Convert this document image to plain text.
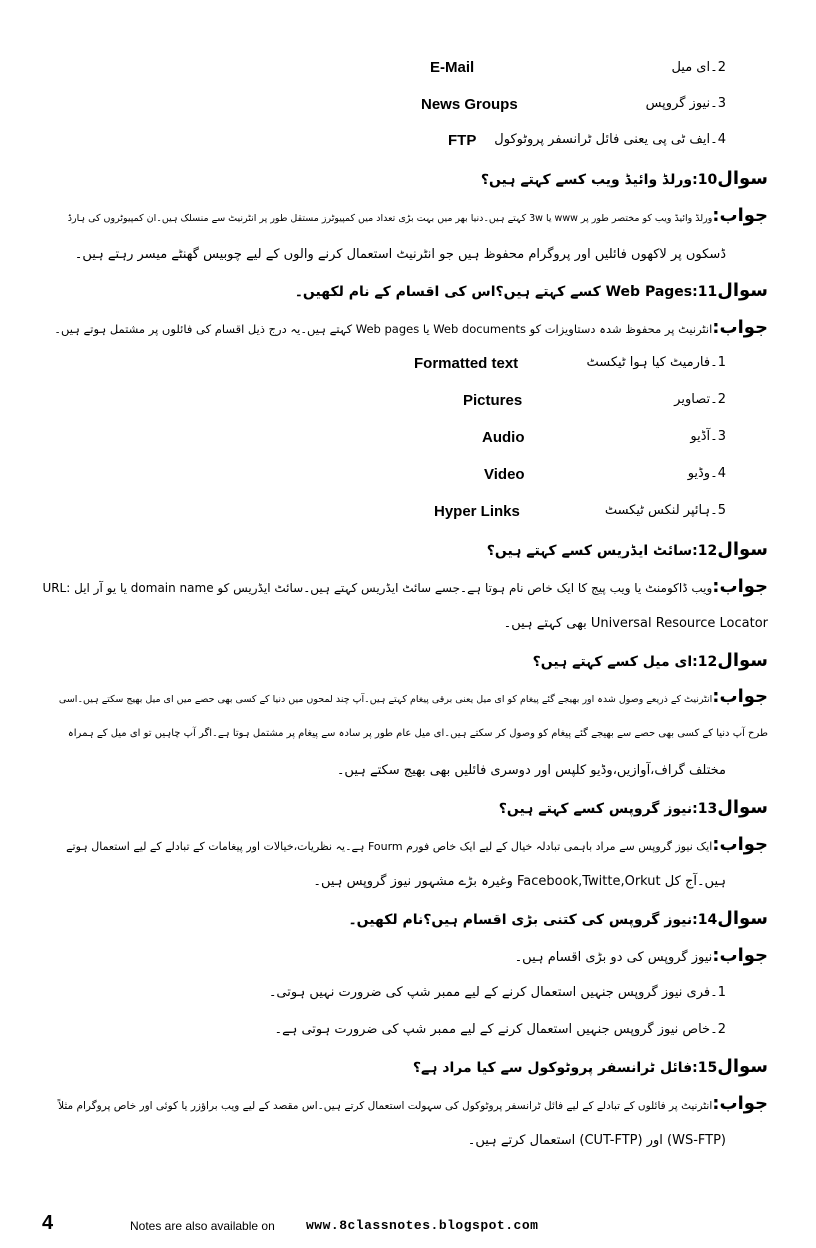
2۔ای میل
E-Mail
3۔نیوز گروپس
News Groups
4۔ایف ٹی پی یعنی فائل ٹرانسفر پروٹوکول
FTP
سوال10:ورلڈ وائیڈ ویب کسے کہتے ہیں؟
جواب:ورلڈ وائیڈ ویب کو مختصر طور پر www یا 3w کہتے ہیں۔دنیا بھر میں بہت بڑی تعداد میں کمپیوٹرز مستقل طور پر انٹرنیٹ سے منسلک ہیں۔ان کمپیوٹروں کی ہارڈ
ڈسکوں پر لاکھوں فائلیں اور پروگرام محفوظ ہیں جو انٹرنیٹ استعمال کرنے والوں کے لیے چوبیس گھنٹے میسر رہتے ہیں۔
سوال11:Web Pages کسے کہتے ہیں؟اس کی اقسام کے نام لکھیں۔
جواب:انٹرنیٹ پر محفوظ شدہ دستاویزات کو Web documents یا Web pages کہتے ہیں۔یہ درج ذیل اقسام کی فائلوں پر مشتمل ہوتے ہیں۔
1۔فارمیٹ کیا ہوا ٹیکسٹ
Formatted text
2۔تصاویر
Pictures
3۔آڈیو
Audio
4۔وڈیو
Video
5۔ہائپر لنکس ٹیکسٹ
Hyper Links
سوال12:سائٹ ایڈریس کسے کہتے ہیں؟
جواب:ویب ڈاکومنٹ یا ویب پیج کا ایک خاص نام ہوتا ہے۔جسے سائٹ ایڈریس کہتے ہیں۔سائٹ ایڈریس کو domain name یا یو آر ایل :URL
Universal Resource Locator بھی کہتے ہیں۔
سوال12:ای میل کسے کہتے ہیں؟
جواب:انٹرنیٹ کے ذریعے وصول شدہ اور بھیجے گئے پیغام کو ای میل یعنی برقی پیغام کہتے ہیں۔آپ چند لمحوں میں دنیا کے کسی بھی حصے میں ای میل بھیج سکتے ہیں۔اسی
طرح آپ دنیا کے کسی بھی حصے سے بھیجے گئے پیغام کو وصول کر سکتے ہیں۔ای میل عام طور پر سادہ سے پیغام پر مشتمل ہوتا ہے۔اگر آپ چاہیں تو ای میل کے ہمراہ
مختلف گراف،آوازیں،وڈیو کلپس اور دوسری فائلیں بھی بھیج سکتے ہیں۔
سوال13:نیوز گروپس کسے کہتے ہیں؟
جواب:ایک نیوز گروپس سے مراد باہمی تبادلہ خیال کے لیے ایک خاص فورم Fourm ہے۔یہ نظریات،خیالات اور پیغامات کے تبادلے کے لیے استعمال ہوتے
ہیں۔آج کل Facebook,Twitte,Orkut وغیرہ بڑے مشہور نیوز گروپس ہیں۔
سوال14:نیوز گروپس کی کتنی بڑی اقسام ہیں؟نام لکھیں۔
جواب:نیوز گروپس کی دو بڑی اقسام ہیں۔
1۔فری نیوز گروپس جنہیں استعمال کرنے کے لیے ممبر شپ کی ضرورت نہیں ہوتی۔
2۔خاص نیوز گروپس جنہیں استعمال کرنے کے لیے ممبر شپ کی ضرورت ہوتی ہے۔
سوال15:فائل ٹرانسفر پروٹوکول سے کیا مراد ہے؟
جواب:انٹرنیٹ پر فائلوں کے تبادلے کے لیے فائل ٹرانسفر پروٹوکول کی سہولت استعمال کرتے ہیں۔اس مقصد کے لیے ویب براؤزر یا کوئی اور خاص پروگرام مثلاً
(WS-FTP) اور (CUT-FTP) استعمال کرتے ہیں۔
4	Notes are also available on www.8classnotes.blogspot.com
